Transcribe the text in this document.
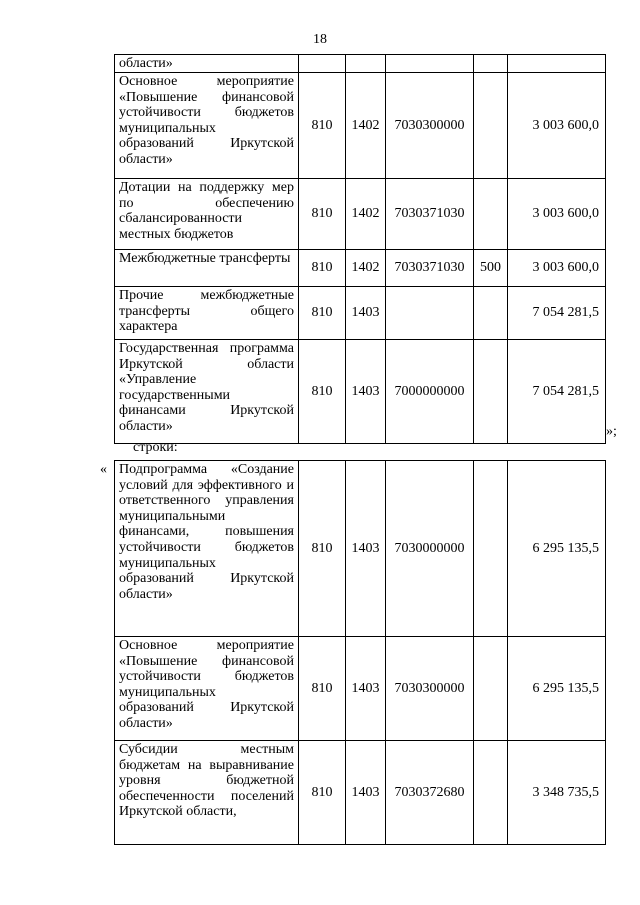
18
области»					
Основное мероприятие «Повышение финансовой устойчивости бюджетов муниципальных образований Иркутской области»	810	1402	7030300000		3 003 600,0
Дотации на поддержку мер по обеспечению сбалансированности местных бюджетов	810	1402	7030371030		3 003 600,0
Межбюджетные трансферты	810	1402	7030371030	500	3 003 600,0
Прочие межбюджетные трансферты общего характера	810	1403			7 054 281,5
Государственная программа Иркутской области «Управление государственными финансами Иркутской области»	810	1403	7000000000		7 054 281,5
»;
строки:
« Подпрограмма «Создание условий для эффективного и ответственного управления муниципальными финансами, повышения устойчивости бюджетов муниципальных образований Иркутской области»	810	1403	7030000000		6 295 135,5
Основное мероприятие «Повышение финансовой устойчивости бюджетов муниципальных образований Иркутской области»	810	1403	7030300000		6 295 135,5
Субсидии местным бюджетам на выравнивание уровня бюджетной обеспеченности поселений Иркутской области,	810	1403	7030372680		3 348 735,5
